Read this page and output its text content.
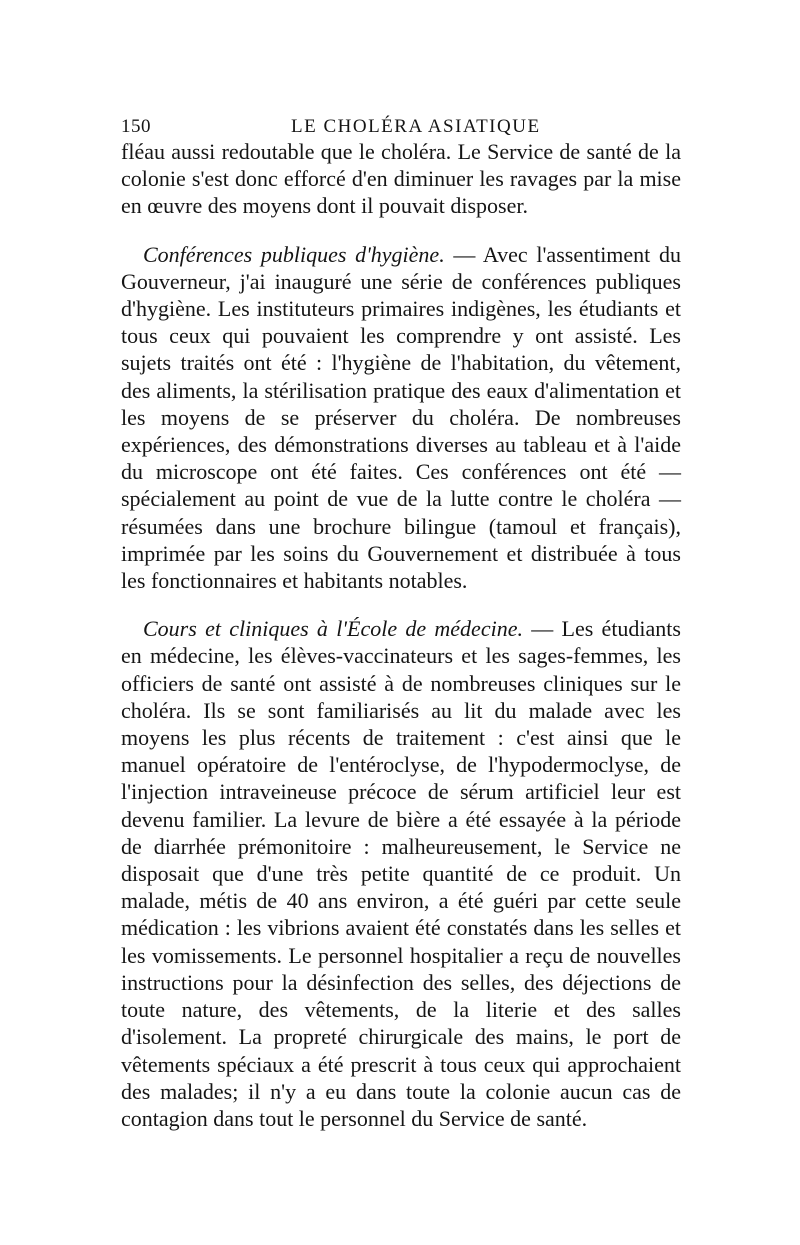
150	LE CHOLÉRA ASIATIQUE

fléau aussi redoutable que le choléra. Le Service de santé de la colonie s'est donc efforcé d'en diminuer les ravages par la mise en œuvre des moyens dont il pouvait disposer.

Conférences publiques d'hygiène. — Avec l'assentiment du Gouverneur, j'ai inauguré une série de conférences publiques d'hygiène. Les instituteurs primaires indigènes, les étudiants et tous ceux qui pouvaient les comprendre y ont assisté. Les sujets traités ont été : l'hygiène de l'habitation, du vêtement, des aliments, la stérilisation pratique des eaux d'alimentation et les moyens de se préserver du choléra. De nombreuses expériences, des démonstrations diverses au tableau et à l'aide du microscope ont été faites. Ces conférences ont été — spécialement au point de vue de la lutte contre le choléra — résumées dans une brochure bilingue (tamoul et français), imprimée par les soins du Gouvernement et distribuée à tous les fonctionnaires et habitants notables.

Cours et cliniques à l'École de médecine. — Les étudiants en médecine, les élèves-vaccinateurs et les sages-femmes, les officiers de santé ont assisté à de nombreuses cliniques sur le choléra. Ils se sont familiarisés au lit du malade avec les moyens les plus récents de traitement : c'est ainsi que le manuel opératoire de l'entéroclyse, de l'hypodermoclyse, de l'injection intraveineuse précoce de sérum artificiel leur est devenu familier. La levure de bière a été essayée à la période de diarrhée prémonitoire : malheureusement, le Service ne disposait que d'une très petite quantité de ce produit. Un malade, métis de 40 ans environ, a été guéri par cette seule médication : les vibrions avaient été constatés dans les selles et les vomissements. Le personnel hospitalier a reçu de nouvelles instructions pour la désinfection des selles, des déjections de toute nature, des vêtements, de la literie et des salles d'isolement. La propreté chirurgicale des mains, le port de vêtements spéciaux a été prescrit à tous ceux qui approchaient des malades; il n'y a eu dans toute la colonie aucun cas de contagion dans tout le personnel du Service de santé.
